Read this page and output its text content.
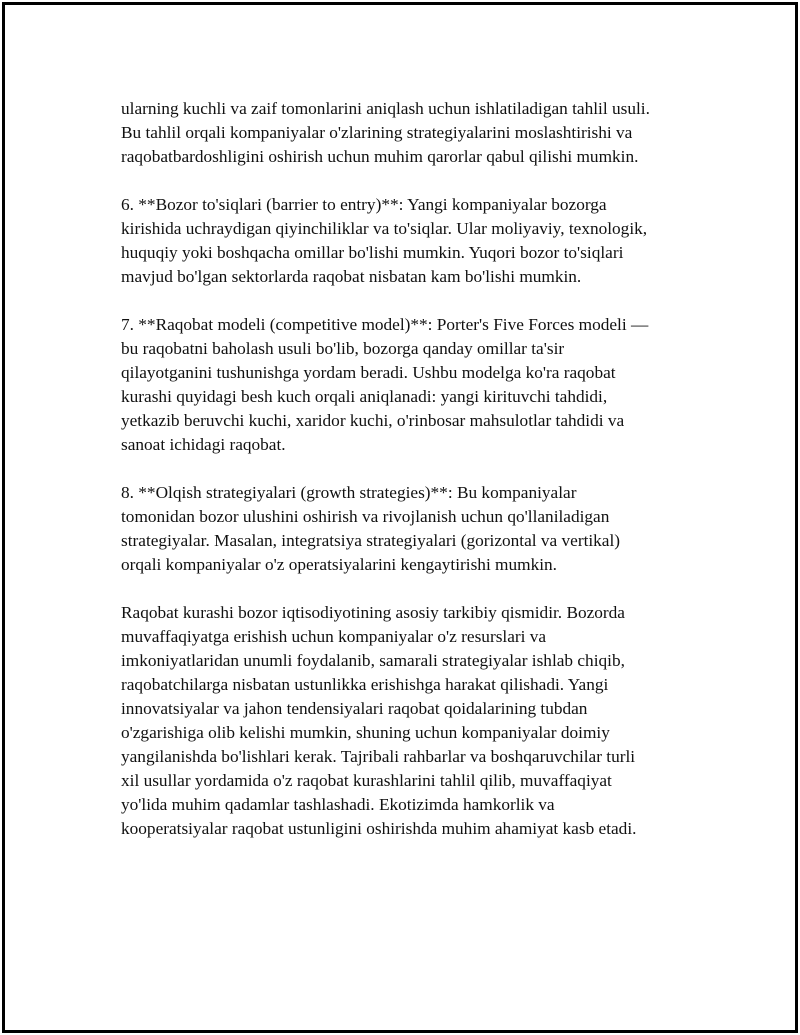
ularning kuchli va zaif tomonlarini aniqlash uchun ishlatiladigan tahlil usuli.
Bu tahlil orqali kompaniyalar o'zlarining strategiyalarini moslashtirishi va
raqobatbardoshligini oshirish uchun muhim qarorlar qabul qilishi mumkin.

6. **Bozor to'siqlari (barrier to entry)**: Yangi kompaniyalar bozorga
kirishida uchraydigan qiyinchiliklar va to'siqlar. Ular moliyaviy, texnologik,
huquqiy yoki boshqacha omillar bo'lishi mumkin. Yuqori bozor to'siqlari
mavjud bo'lgan sektorlarda raqobat nisbatan kam bo'lishi mumkin.

7. **Raqobat modeli (competitive model)**: Porter's Five Forces modeli —
bu raqobatni baholash usuli bo'lib, bozorga qanday omillar ta'sir
qilayotganini tushunishga yordam beradi. Ushbu modelga ko'ra raqobat
kurashi quyidagi besh kuch orqali aniqlanadi: yangi kirituvchi tahdidi,
yetkazib beruvchi kuchi, xaridor kuchi, o'rinbosar mahsulotlar tahdidi va
sanoat ichidagi raqobat.

8. **Olqish strategiyalari (growth strategies)**: Bu kompaniyalar
tomonidan bozor ulushini oshirish va rivojlanish uchun qo'llaniladigan
strategiyalar. Masalan, integratsiya strategiyalari (gorizontal va vertikal)
orqali kompaniyalar o'z operatsiyalarini kengaytirishi mumkin.

Raqobat kurashi bozor iqtisodiyotining asosiy tarkibiy qismidir. Bozorda
muvaffaqiyatga erishish uchun kompaniyalar o'z resurslari va
imkoniyatlaridan unumli foydalanib, samarali strategiyalar ishlab chiqib,
raqobatchilarga nisbatan ustunlikka erishishga harakat qilishadi. Yangi
innovatsiyalar va jahon tendensiyalari raqobat qoidalarining tubdan
o'zgarishiga olib kelishi mumkin, shuning uchun kompaniyalar doimiy
yangilanishda bo'lishlari kerak. Tajribali rahbarlar va boshqaruvchilar turli
xil usullar yordamida o'z raqobat kurashlarini tahlil qilib, muvaffaqiyat
yo'lida muhim qadamlar tashlashadi. Ekotizimda hamkorlik va
kooperatsiyalar raqobat ustunligini oshirishda muhim ahamiyat kasb etadi.
